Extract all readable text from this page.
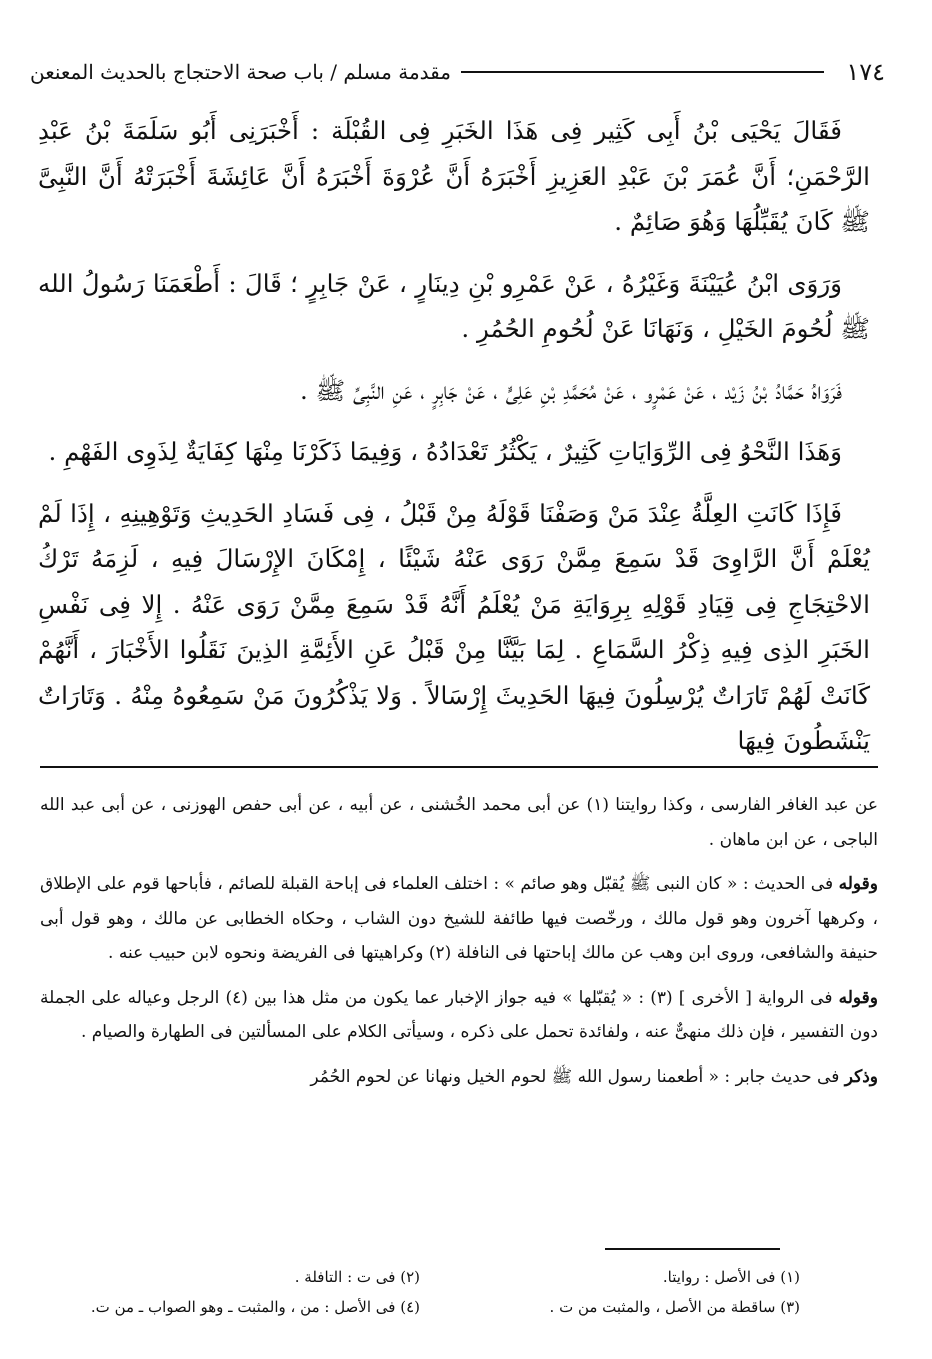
١٧٤
مقدمة مسلم / باب صحة الاحتجاج بالحديث المعنعن

فَقَالَ يَحْيَى بْنُ أَبِى كَثِير فِى هَذَا الخَبَرِ فِى القُبْلَة : أَخْبَرَنِى أَبُو سَلَمَةَ بْنُ عَبْدِ الرَّحْمَنِ؛ أَنَّ عُمَرَ بْنَ عَبْدِ العَزِيزِ أَخْبَرَهُ أَنَّ عُرْوَةَ أَخْبَرَهُ أَنَّ عَائِشَةَ أَخْبَرَتْهُ أَنَّ النَّبِىَّ ﷺ كَانَ يُقَبِّلُهَا وَهُوَ صَائِمٌ .

وَرَوَى ابْنُ عُيَيْنَةَ وَغَيْرُهُ ، عَنْ عَمْرِو بْنِ دِينَارٍ ، عَنْ جَابِرٍ ؛ قَالَ : أَطْعَمَنَا رَسُولُ الله ﷺ لُحُومَ الخَيْلِ ، وَنَهَانَا عَنْ لُحُومِ الحُمُرِ .

فَرَوَاهُ حَمَّادُ بْنُ زَيْد ، عَنْ عَمْرٍو ، عَنْ مُحَمَّدِ بْنِ عَلِىٍّ ، عَنْ جَابِرٍ ، عَنِ النَّبِىِّ ﷺ .

وَهَذَا النَّحْوُ فِى الرِّوَايَاتِ كَثِيرٌ ، يَكْثُرُ تَعْدَادُهُ ، وَفِيمَا ذَكَرْنَا مِنْهَا كِفَايَةٌ لِذَوِى الفَهْمِ .

فَإِذَا كَانَتِ العِلَّةُ عِنْدَ مَنْ وَصَفْنَا قَوْلَهُ مِنْ قَبْلُ ، فِى فَسَادِ الحَدِيثِ وَتَوْهِينِهِ ، إِذَا لَمْ يُعْلَمْ أَنَّ الرَّاوِىَ قَدْ سَمِعَ مِمَّنْ رَوَى عَنْهُ شَيْئًا ، إِمْكَانَ الإِرْسَالَ فِيهِ ، لَزِمَهُ تَرْكُ الاحْتِجَاجِ فِى قِيَادِ قَوْلِهِ بِرِوَايَةِ مَنْ يُعْلَمُ أَنَّهُ قَدْ سَمِعَ مِمَّنْ رَوَى عَنْهُ . إِلا فِى نَفْسِ الخَبَرِ الذِى فِيهِ ذِكْرُ السَّمَاعِ . لِمَا بَيَّنَّا مِنْ قَبْلُ عَنِ الأَئِمَّةِ الذِينَ نَقَلُوا الأَخْبَارَ ، أَنَّهُمْ كَانَتْ لَهُمْ تَارَاتٌ يُرْسِلُونَ فِيهَا الحَدِيثَ إِرْسَالاً . وَلا يَذْكُرُونَ مَنْ سَمِعُوهُ مِنْهُ . وَتَارَاتٌ يَنْشَطُونَ فِيهَا

عن عبد الغافر الفارسى ، وكذا روايتنا (١) عن أبى محمد الخُشنى ، عن أبيه ، عن أبى حفص الهوزنى ، عن أبى عبد الله الباجى ، عن ابن ماهان .

وقوله فى الحديث : « كان النبى ﷺ يُقبّل وهو صائم » : اختلف العلماء فى إباحة القبلة للصائم ، فأباحها قوم على الإطلاق ، وكرهها آخرون وهو قول مالك ، ورخّصت فيها طائفة للشيخ دون الشاب ، وحكاه الخطابى عن مالك ، وهو قول أبى حنيفة والشافعى، وروى ابن وهب عن مالك إباحتها فى النافلة (٢) وكراهيتها فى الفريضة ونحوه لابن حبيب عنه .

وقوله فى الرواية [ الأخرى ] (٣) : « يُقبّلها » فيه جواز الإخبار عما يكون من مثل هذا بين (٤) الرجل وعياله على الجملة دون التفسير ، فإن ذلك منهىٌّ عنه ، ولفائدة تحمل على ذكره ، وسيأتى الكلام على المسألتين فى الطهارة والصيام .

وذكر فى حديث جابر : « أطعمنا رسول الله ﷺ لحوم الخيل ونهانا عن لحوم الحُمُر

(١) فى الأصل : روايتا.
(٢) فى ت : التافلة .
(٣) ساقطة من الأصل ، والمثبت من ت .
(٤) فى الأصل : من ، والمثبت ـ وهو الصواب ـ من ت.
